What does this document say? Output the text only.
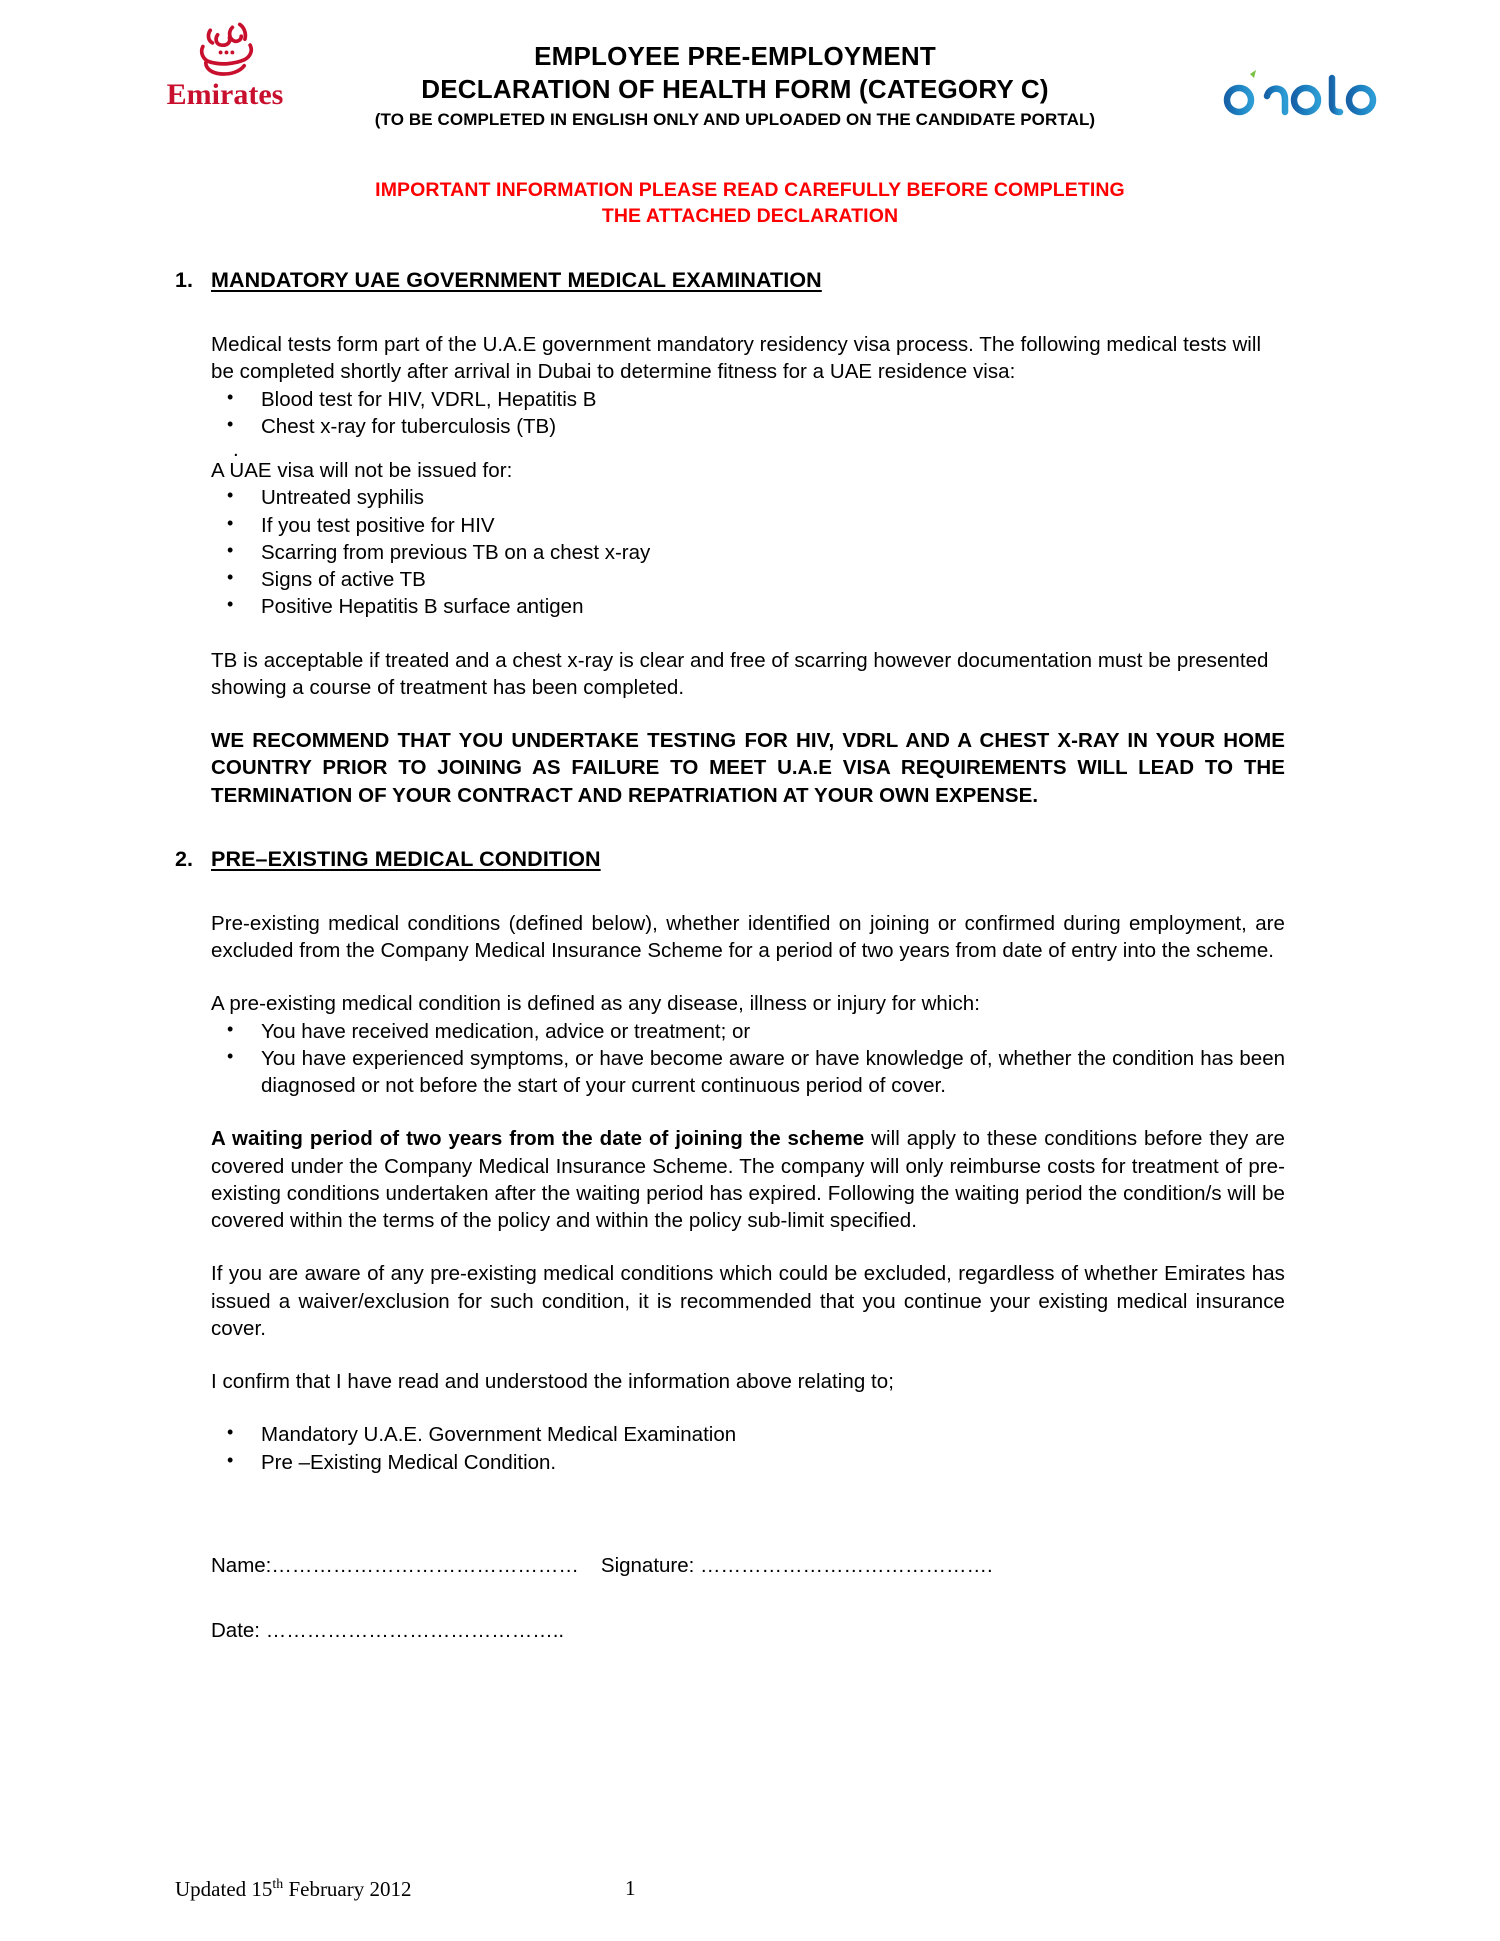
Emirates
EMPLOYEE PRE-EMPLOYMENT
DECLARATION OF HEALTH FORM (CATEGORY C)
(TO BE COMPLETED IN ENGLISH ONLY AND UPLOADED ON THE CANDIDATE PORTAL)
IMPORTANT INFORMATION PLEASE READ CAREFULLY BEFORE COMPLETING
THE ATTACHED DECLARATION
1. MANDATORY UAE GOVERNMENT MEDICAL EXAMINATION

Medical tests form part of the U.A.E government mandatory residency visa process. The following medical tests will be completed shortly after arrival in Dubai to determine fitness for a UAE residence visa:

• Blood test for HIV, VDRL, Hepatitis B
• Chest x-ray for tuberculosis (TB)
.

A UAE visa will not be issued for:

• Untreated syphilis
• If you test positive for HIV
• Scarring from previous TB on a chest x-ray
• Signs of active TB
• Positive Hepatitis B surface antigen

TB is acceptable if treated and a chest x-ray is clear and free of scarring however documentation must be presented showing a course of treatment has been completed.

WE RECOMMEND THAT YOU UNDERTAKE TESTING FOR HIV, VDRL AND A CHEST X-RAY IN YOUR HOME COUNTRY PRIOR TO JOINING AS FAILURE TO MEET U.A.E VISA REQUIREMENTS WILL LEAD TO THE TERMINATION OF YOUR CONTRACT AND REPATRIATION AT YOUR OWN EXPENSE.

2. PRE–EXISTING MEDICAL CONDITION

Pre-existing medical conditions (defined below), whether identified on joining or confirmed during employment, are excluded from the Company Medical Insurance Scheme for a period of two years from date of entry into the scheme.

A pre-existing medical condition is defined as any disease, illness or injury for which:

• You have received medication, advice or treatment; or
• You have experienced symptoms, or have become aware or have knowledge of, whether the condition has been diagnosed or not before the start of your current continuous period of cover.

A waiting period of two years from the date of joining the scheme will apply to these conditions before they are covered under the Company Medical Insurance Scheme. The company will only reimburse costs for treatment of pre-existing conditions undertaken after the waiting period has expired. Following the waiting period the condition/s will be covered within the terms of the policy and within the policy sub-limit specified.

If you are aware of any pre-existing medical conditions which could be excluded, regardless of whether Emirates has issued a waiver/exclusion for such condition, it is recommended that you continue your existing medical insurance cover.

I confirm that I have read and understood the information above relating to;

• Mandatory U.A.E. Government Medical Examination
• Pre –Existing Medical Condition.
Name:……………………………………… Signature: …………………………………….
Date: ……………………………………..
Updated 15th February 2012	1
